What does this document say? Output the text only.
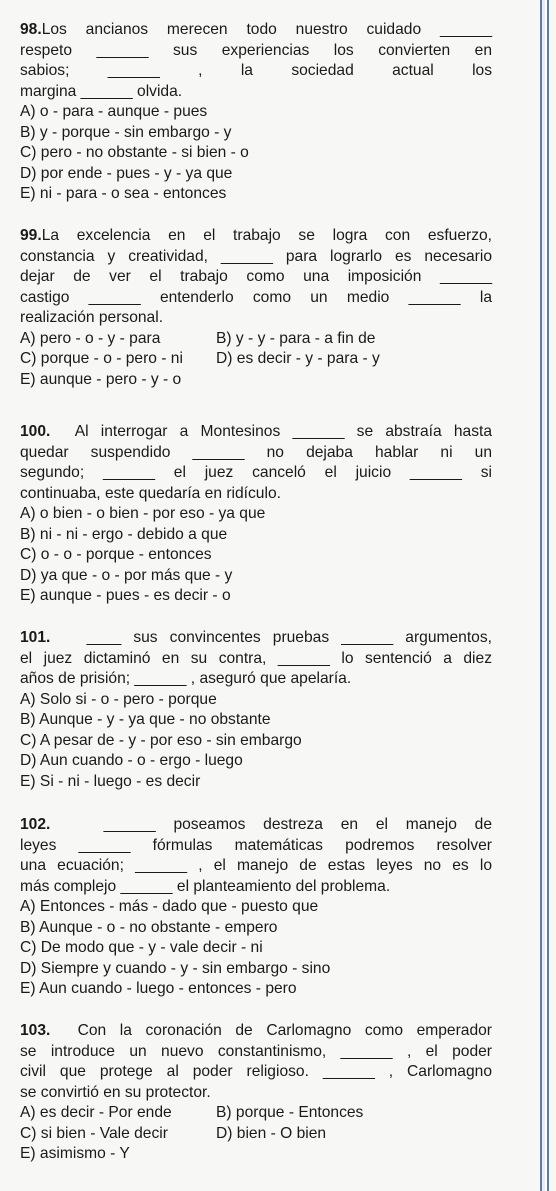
98.Los ancianos merecen todo nuestro cuidado ______

respeto ______ sus experiencias los convierten en

sabios; ______ , la sociedad actual los

margina ______ olvida.

A) o - para - aunque - pues
B) y - porque - sin embargo - y
C) pero - no obstante - si bien - o
D) por ende - pues - y - ya que
E) ni - para - o sea - entonces

99.La excelencia en el trabajo se logra con esfuerzo,

constancia y creatividad, ______ para lograrlo es necesario

dejar de ver el trabajo como una imposición ______

castigo ______ entenderlo como un medio ______ la

realización personal.

A) pero - o - y - para	B) y - y - para - a fin de
C) porque - o - pero - ni	D) es decir - y - para - y
E) aunque - pero - y - o

100. Al interrogar a Montesinos ______ se abstraía hasta

quedar suspendido ______ no dejaba hablar ni un

segundo; ______ el juez canceló el juicio ______ si

continuaba, este quedaría en ridículo.

A) o bien - o bien - por eso - ya que
B) ni - ni - ergo - debido a que
C) o - o - porque - entonces
D) ya que - o - por más que - y
E) aunque - pues - es decir - o

101. ____ sus convincentes pruebas ______ argumentos,

el juez dictaminó en su contra, ______ lo sentenció a diez

años de prisión; ______ , aseguró que apelaría.

A) Solo si - o - pero - porque
B) Aunque - y - ya que - no obstante
C) A pesar de - y - por eso - sin embargo
D) Aun cuando - o - ergo - luego
E) Si - ni - luego - es decir

102.	______ poseamos destreza en el manejo de

leyes ______ fórmulas matemáticas podremos resolver

una ecuación; ______ , el manejo de estas leyes no es lo

más complejo ______ el planteamiento del problema.

A) Entonces - más - dado que - puesto que
B) Aunque - o - no obstante - empero
C) De modo que - y - vale decir - ni
D) Siempre y cuando - y - sin embargo - sino
E) Aun cuando - luego - entonces - pero

103. Con la coronación de Carlomagno como emperador

se introduce un nuevo constantinismo, ______ , el poder

civil que protege al poder religioso. ______ , Carlomagno

se convirtió en su protector.

A) es decir - Por ende	B) porque - Entonces
C) si bien - Vale decir	D) bien - O bien
E) asimismo - Y
